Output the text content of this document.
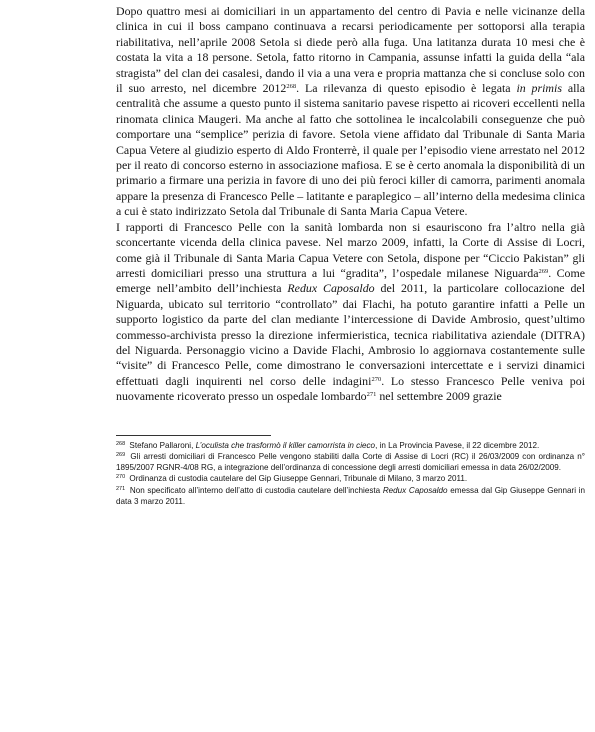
Dopo quattro mesi ai domiciliari in un appartamento del centro di Pavia e nelle vicinanze della clinica in cui il boss campano continuava a recarsi periodicamente per sottoporsi alla terapia riabilitativa, nell’aprile 2008 Setola si diede però alla fuga. Una latitanza durata 10 mesi che è costata la vita a 18 persone. Setola, fatto ritorno in Campania, assunse infatti la guida della “ala stragista” del clan dei casalesi, dando il via a una vera e propria mattanza che si concluse solo con il suo arresto, nel dicembre 2012$^{268}$. La rilevanza di questo episodio è legata in primis alla centralità che assume a questo punto il sistema sanitario pavese rispetto ai ricoveri eccellenti nella rinomata clinica Maugeri. Ma anche al fatto che sottolinea le incalcolabili conseguenze che può comportare una “semplice” perizia di favore. Setola viene affidato dal Tribunale di Santa Maria Capua Vetere al giudizio esperto di Aldo Fronterrè, il quale per l’episodio viene arrestato nel 2012 per il reato di concorso esterno in associazione mafiosa. E se è certo anomala la disponibilità di un primario a firmare una perizia in favore di uno dei più feroci killer di camorra, parimenti anomala appare la presenza di Francesco Pelle – latitante e paraplegico – all’interno della medesima clinica a cui è stato indirizzato Setola dal Tribunale di Santa Maria Capua Vetere.

I rapporti di Francesco Pelle con la sanità lombarda non si esauriscono fra l’altro nella già sconcertante vicenda della clinica pavese. Nel marzo 2009, infatti, la Corte di Assise di Locri, come già il Tribunale di Santa Maria Capua Vetere con Setola, dispone per “Ciccio Pakistan” gli arresti domiciliari presso una struttura a lui “gradita”, l’ospedale milanese Niguarda$^{269}$. Come emerge nell’ambito dell’inchiesta Redux Caposaldo del 2011, la particolare collocazione del Niguarda, ubicato sul territorio “controllato” dai Flachi, ha potuto garantire infatti a Pelle un supporto logistico da parte del clan mediante l’intercessione di Davide Ambrosio, quest’ultimo commesso-archivista presso la direzione infermieristica, tecnica riabilitativa aziendale (DITRA) del Niguarda. Personaggio vicino a Davide Flachi, Ambrosio lo aggiornava costantemente sulle “visite” di Francesco Pelle, come dimostrano le conversazioni intercettate e i servizi dinamici effettuati dagli inquirenti nel corso delle indagini$^{270}$. Lo stesso Francesco Pelle veniva poi nuovamente ricoverato presso un ospedale lombardo$^{271}$ nel settembre 2009 grazie

$^{268}$ Stefano Pallaroni, L’oculista che trasformò il killer camorrista in cieco, in La Provincia Pavese, il 22 dicembre 2012.

$^{269}$ Gli arresti domiciliari di Francesco Pelle vengono stabiliti dalla Corte di Assise di Locri (RC) il 26/03/2009 con ordinanza n° 1895/2007 RGNR-4/08 RG, a integrazione dell’ordinanza di concessione degli arresti domiciliari emessa in data 26/02/2009.

$^{270}$ Ordinanza di custodia cautelare del Gip Giuseppe Gennari, Tribunale di Milano, 3 marzo 2011.

$^{271}$ Non specificato all’interno dell’atto di custodia cautelare dell’inchiesta Redux Caposaldo emessa dal Gip Giuseppe Gennari in data 3 marzo 2011.
